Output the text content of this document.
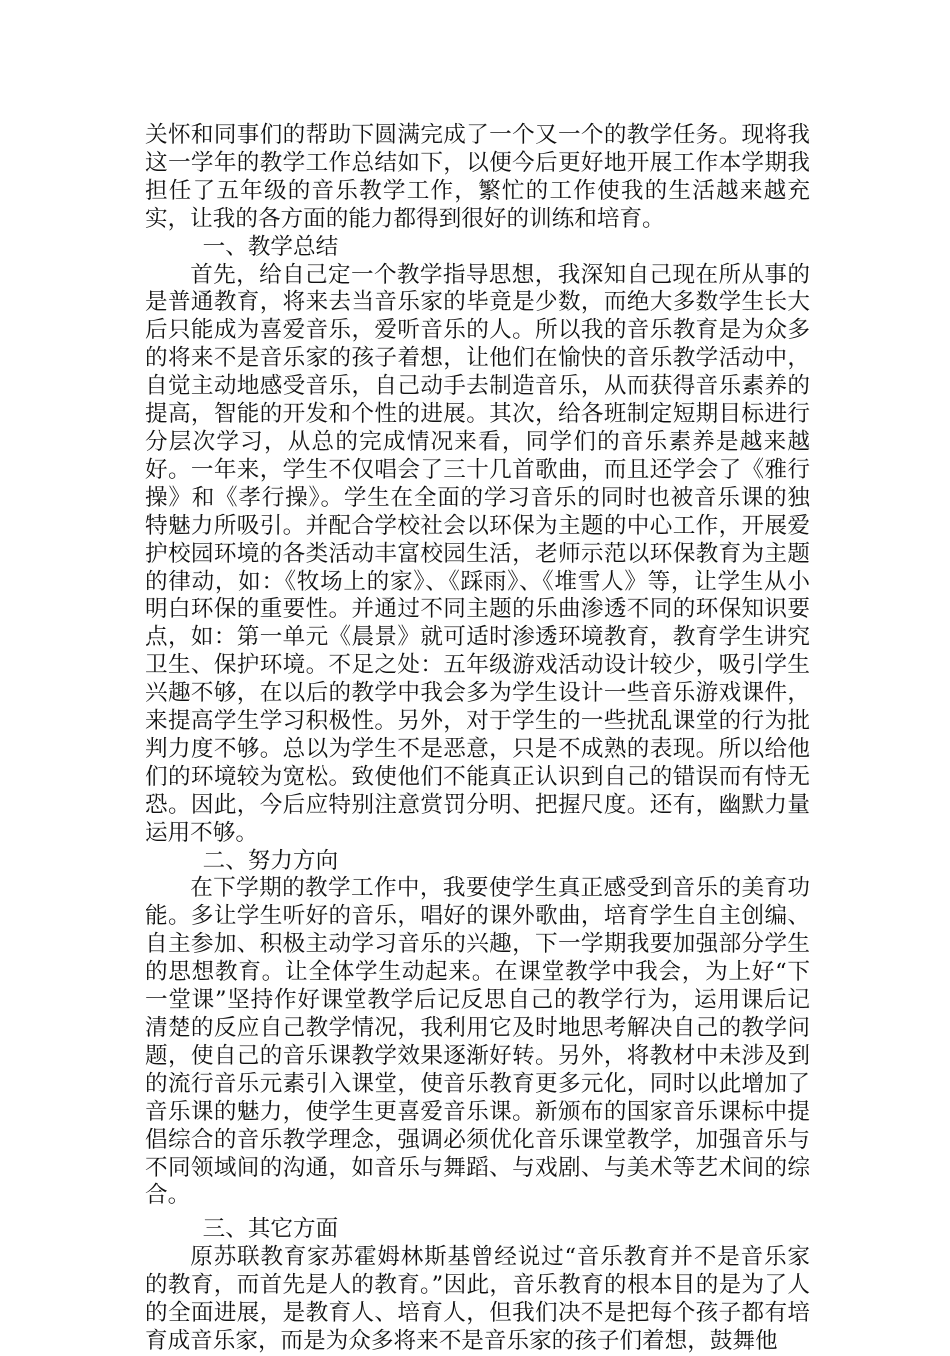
关怀和同事们的帮助下圆满完成了一个又一个的教学任务。现将我这一学年的教学工作总结如下，以便今后更好地开展工作本学期我担任了五年级的音乐教学工作，繁忙的工作使我的生活越来越充实，让我的各方面的能力都得到很好的训练和培育。

一、教学总结

首先，给自己定一个教学指导思想，我深知自己现在所从事的是普通教育，将来去当音乐家的毕竟是少数，而绝大多数学生长大后只能成为喜爱音乐，爱听音乐的人。所以我的音乐教育是为众多的将来不是音乐家的孩子着想，让他们在愉快的音乐教学活动中，自觉主动地感受音乐，自己动手去制造音乐，从而获得音乐素养的提高，智能的开发和个性的进展。其次，给各班制定短期目标进行分层次学习，从总的完成情况来看，同学们的音乐素养是越来越好。一年来，学生不仅唱会了三十几首歌曲，而且还学会了《雅行操》和《孝行操》。学生在全面的学习音乐的同时也被音乐课的独特魅力所吸引。并配合学校社会以环保为主题的中心工作，开展爱护校园环境的各类活动丰富校园生活，老师示范以环保教育为主题的律动，如：《牧场上的家》、《踩雨》、《堆雪人》等，让学生从小明白环保的重要性。并通过不同主题的乐曲渗透不同的环保知识要点，如：第一单元《晨景》就可适时渗透环境教育，教育学生讲究卫生、保护环境。不足之处：五年级游戏活动设计较少，吸引学生兴趣不够，在以后的教学中我会多为学生设计一些音乐游戏课件，来提高学生学习积极性。另外，对于学生的一些扰乱课堂的行为批判力度不够。总以为学生不是恶意，只是不成熟的表现。所以给他们的环境较为宽松。致使他们不能真正认识到自己的错误而有恃无恐。因此，今后应特别注意赏罚分明、把握尺度。还有，幽默力量运用不够。

二、努力方向

在下学期的教学工作中，我要使学生真正感受到音乐的美育功能。多让学生听好的音乐，唱好的课外歌曲，培育学生自主创编、自主参加、积极主动学习音乐的兴趣，下一学期我要加强部分学生的思想教育。让全体学生动起来。在课堂教学中我会，为上好“下一堂课”坚持作好课堂教学后记反思自己的教学行为，运用课后记清楚的反应自己教学情况，我利用它及时地思考解决自己的教学问题，使自己的音乐课教学效果逐渐好转。另外，将教材中未涉及到的流行音乐元素引入课堂，使音乐教育更多元化，同时以此增加了音乐课的魅力，使学生更喜爱音乐课。新颁布的国家音乐课标中提倡综合的音乐教学理念，强调必须优化音乐课堂教学，加强音乐与不同领域间的沟通，如音乐与舞蹈、与戏剧、与美术等艺术间的综合。

三、其它方面

原苏联教育家苏霍姆林斯基曾经说过“音乐教育并不是音乐家的教育，而首先是人的教育。”因此，音乐教育的根本目的是为了人的全面进展，是教育人、培育人，但我们决不是把每个孩子都有培育成音乐家，而是为众多将来不是音乐家的孩子们着想，鼓舞他
